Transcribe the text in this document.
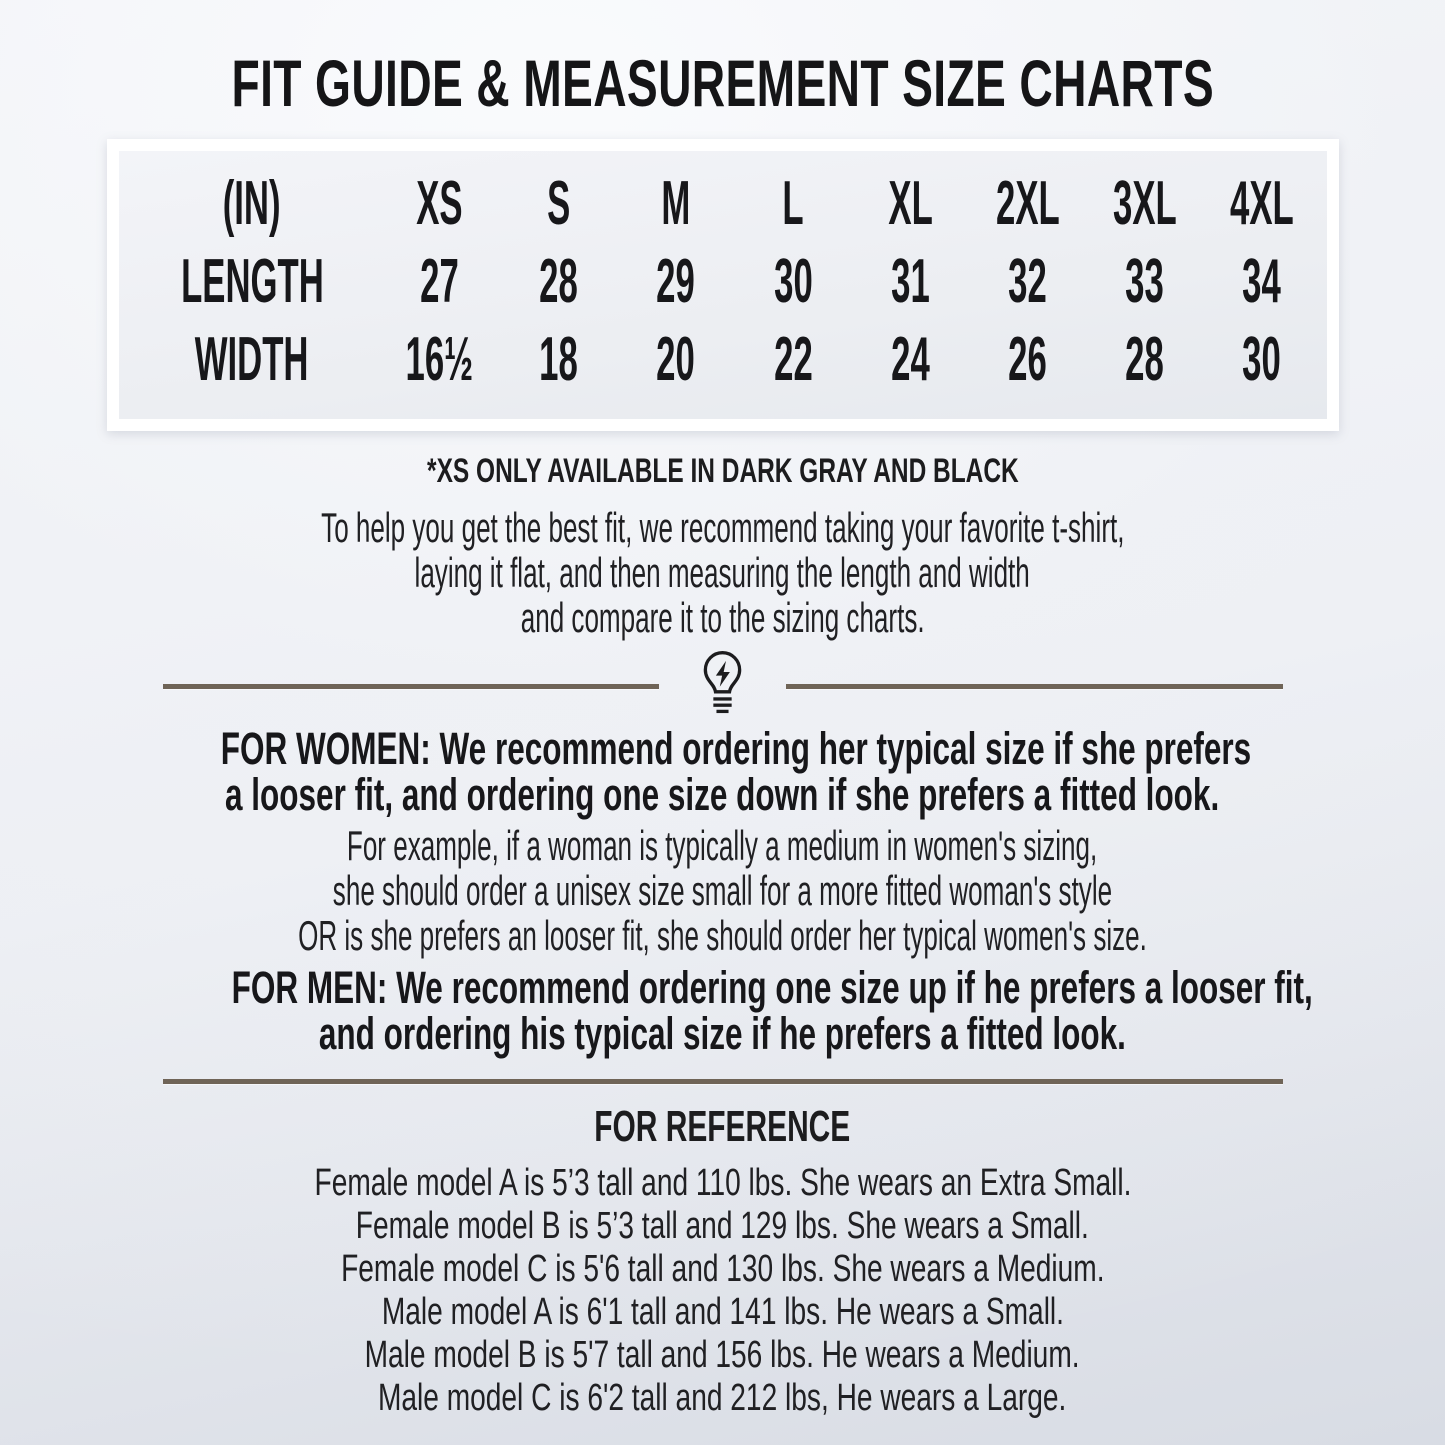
FIT GUIDE & MEASUREMENT SIZE CHARTS
(IN)	XS	S	M	L	XL	2XL 3XL 4XL
LENGTH	27	28	29	30	31	32	33	34
WIDTH	16½	18	20	22	24	26	28	30
*XS ONLY AVAILABLE IN DARK GRAY AND BLACK
To help you get the best fit, we recommend taking your favorite t-shirt,
laying it flat, and then measuring the length and width
and compare it to the sizing charts.
FOR WOMEN: We recommend ordering her typical size if she prefers
a looser fit, and ordering one size down if she prefers a fitted look.
For example, if a woman is typically a medium in women's sizing,
she should order a unisex size small for a more fitted woman's style
OR is she prefers an looser fit, she should order her typical women's size.
FOR MEN: We recommend ordering one size up if he prefers a looser fit,
and ordering his typical size if he prefers a fitted look.
FOR REFERENCE
Female model A is 5’3 tall and 110 lbs. She wears an Extra Small.
Female model B is 5’3 tall and 129 lbs. She wears a Small.
Female model C is 5'6 tall and 130 lbs. She wears a Medium.
Male model A is 6'1 tall and 141 lbs. He wears a Small.
Male model B is 5'7 tall and 156 lbs. He wears a Medium.
Male model C is 6'2 tall and 212 lbs, He wears a Large.
